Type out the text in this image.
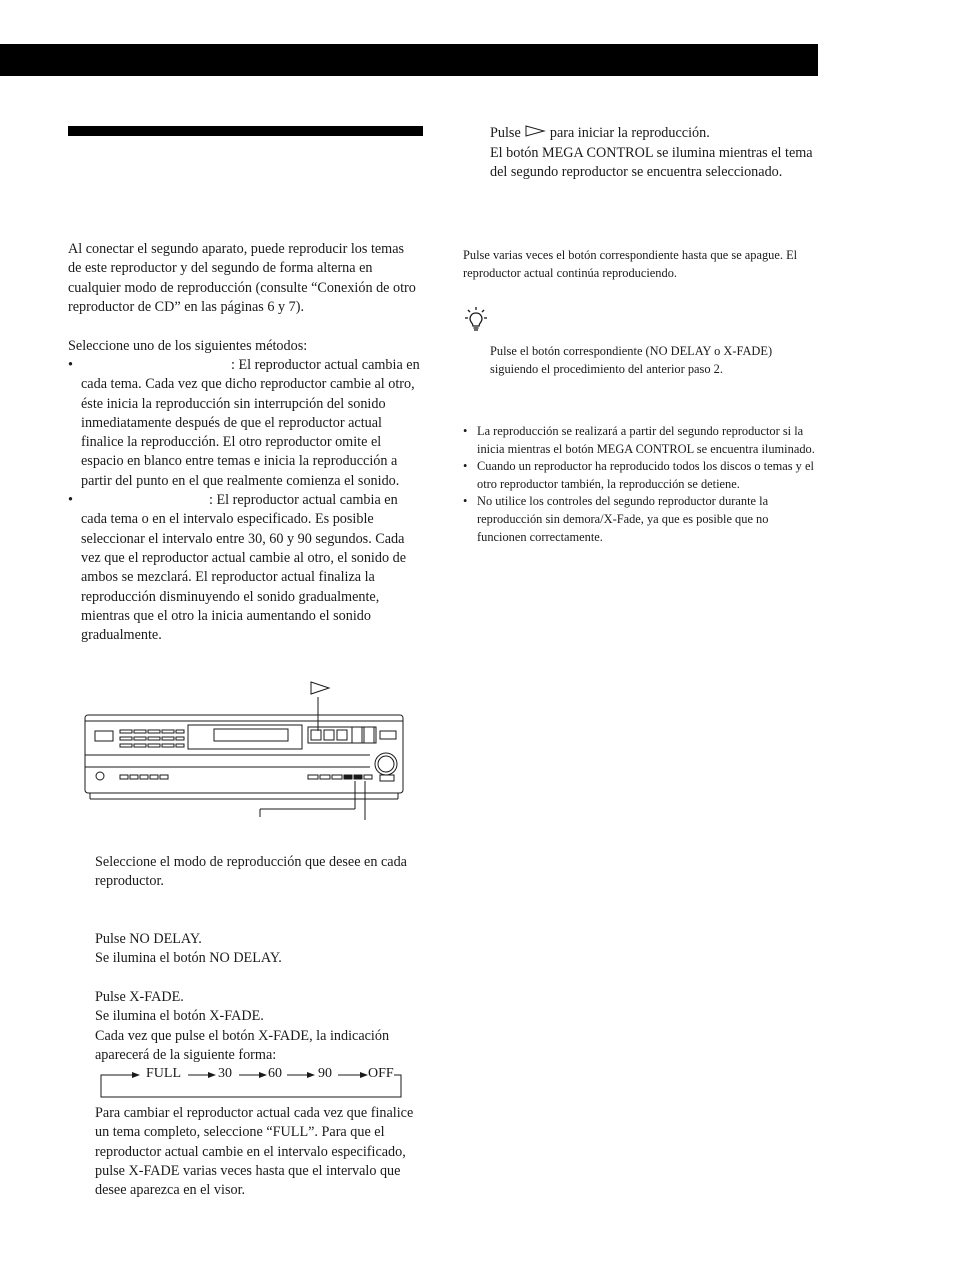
Al conectar el segundo aparato, puede reproducir los temas de este reproductor y del segundo de forma alterna en cualquier modo de reproducción (consulte “Conexión de otro reproductor de CD” en las páginas 6 y 7).

Seleccione uno de los siguientes métodos:

• : El reproductor actual cambia en cada tema. Cada vez que dicho reproductor cambie al otro, éste inicia la reproducción sin interrupción del sonido inmediatamente después de que el reproductor actual finalice la reproducción. El otro reproductor omite el espacio en blanco entre temas e inicia la reproducción a partir del punto en el que realmente comienza el sonido.
• : El reproductor actual cambia en cada tema o en el intervalo especificado. Es posible seleccionar el intervalo entre 30, 60 y 90 segundos. Cada vez que el reproductor actual cambie al otro, el sonido de ambos se mezclará. El reproductor actual finaliza la reproducción disminuyendo el sonido gradualmente, mientras que el otro la inicia aumentando el sonido gradualmente.

Seleccione el modo de reproducción que desee en cada reproductor.

Pulse NO DELAY.

Se ilumina el botón NO DELAY.

Pulse X-FADE.

Se ilumina el botón X-FADE.

Cada vez que pulse el botón X-FADE, la indicación aparecerá de la siguiente forma:

FULL	30	60	90	OFF

Para cambiar el reproductor actual cada vez que finalice un tema completo, seleccione “FULL”. Para que el reproductor actual cambie en el intervalo especificado, pulse X-FADE varias veces hasta que el intervalo que desee aparezca en el visor.

Pulse para iniciar la reproducción.

El botón MEGA CONTROL se ilumina mientras el tema del segundo reproductor se encuentra seleccionado.

Pulse varias veces el botón correspondiente hasta que se apague. El reproductor actual continúa reproduciendo.

Pulse el botón correspondiente (NO DELAY o X-FADE) siguiendo el procedimiento del anterior paso 2.

• La reproducción se realizará a partir del segundo reproductor si la inicia mientras el botón MEGA CONTROL se encuentra iluminado.
• Cuando un reproductor ha reproducido todos los discos o temas y el otro reproductor también, la reproducción se detiene.
• No utilice los controles del segundo reproductor durante la reproducción sin demora/X-Fade, ya que es posible que no funcionen correctamente.
